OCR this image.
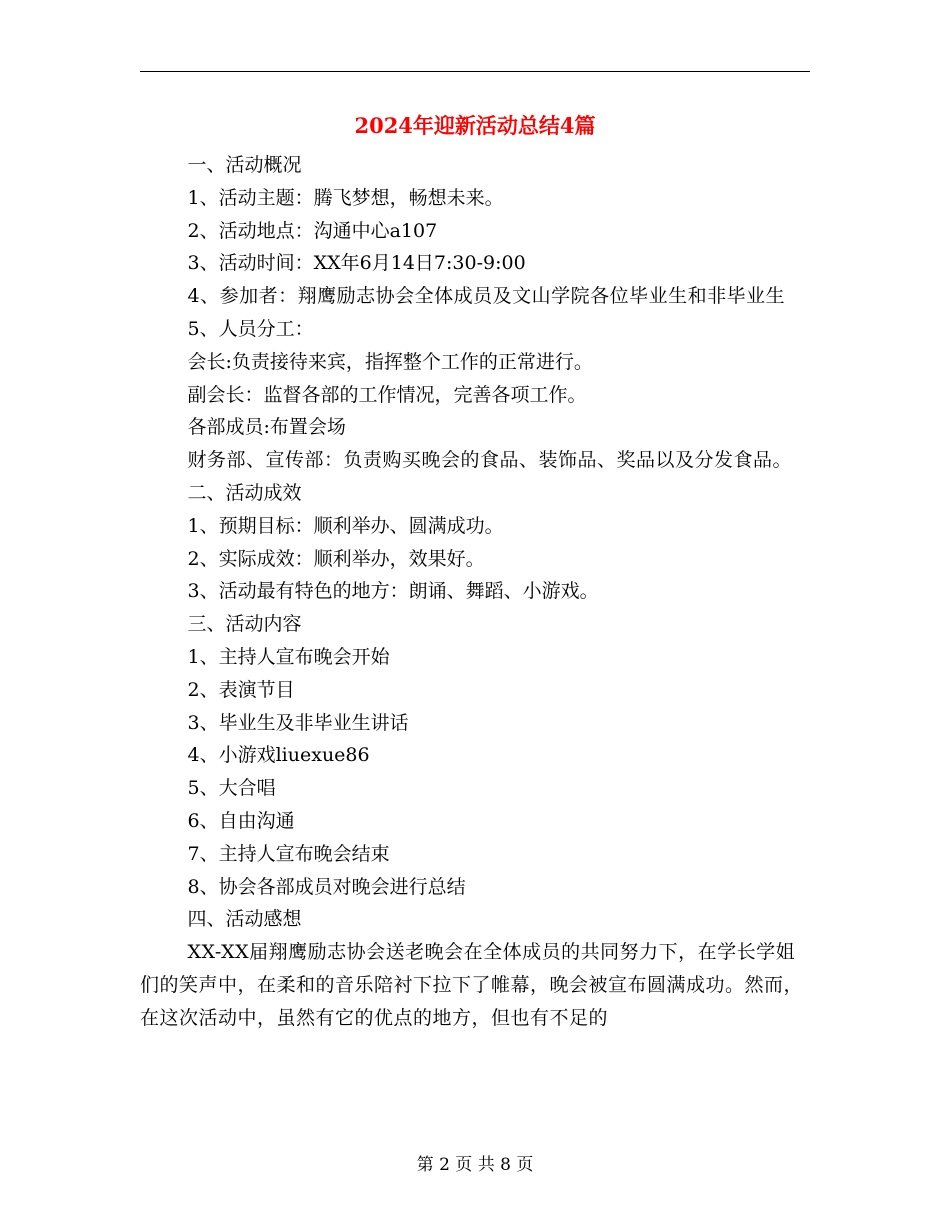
2024年迎新活动总结4篇

一、活动概况

1、活动主题：腾飞梦想，畅想未来。

2、活动地点：沟通中心a107

3、活动时间：XX年6月14日7:30-9:00

4、参加者：翔鹰励志协会全体成员及文山学院各位毕业生和非毕业生

5、人员分工：

会长:负责接待来宾，指挥整个工作的正常进行。

副会长：监督各部的工作情况，完善各项工作。

各部成员:布置会场

财务部、宣传部：负责购买晚会的食品、装饰品、奖品以及分发食品。

二、活动成效

1、预期目标：顺利举办、圆满成功。

2、实际成效：顺利举办，效果好。

3、活动最有特色的地方：朗诵、舞蹈、小游戏。

三、活动内容

1、主持人宣布晚会开始

2、表演节目

3、毕业生及非毕业生讲话

4、小游戏liuexue86

5、大合唱

6、自由沟通

7、主持人宣布晚会结束

8、协会各部成员对晚会进行总结

四、活动感想

XX-XX届翔鹰励志协会送老晚会在全体成员的共同努力下，在学长学姐们的笑声中，在柔和的音乐陪衬下拉下了帷幕，晚会被宣布圆满成功。然而，在这次活动中，虽然有它的优点的地方，但也有不足的

第 2 页 共 8 页
